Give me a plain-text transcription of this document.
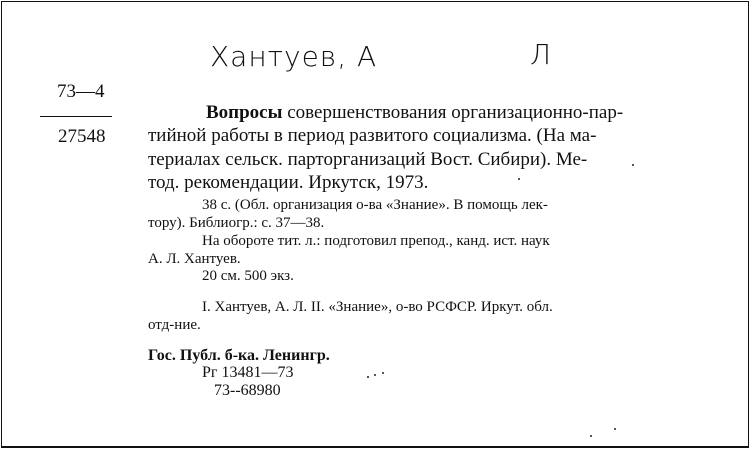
Хантуев, А	Л
73—4
27548
Вопросы совершенствования организационно-пар-
тийной работы в период развитого социализма. (На ма-
териалах сельск. парторганизаций Вост. Сибири). Ме-
тод. рекомендации. Иркутск, 1973.
38 с. (Обл. организация о-ва «Знание». В помощь лек-
тору). Библиогр.: с. 37—38.
На обороте тит. л.: подготовил препод., канд. ист. наук
А. Л. Хантуев.
20 см. 500 экз.
I. Хантуев, А. Л. II. «Знание», о-во РСФСР. Иркут. обл.
отд-ние.
Гос. Публ. б-ка. Ленингр.
Рг 13481—73
73--68980
